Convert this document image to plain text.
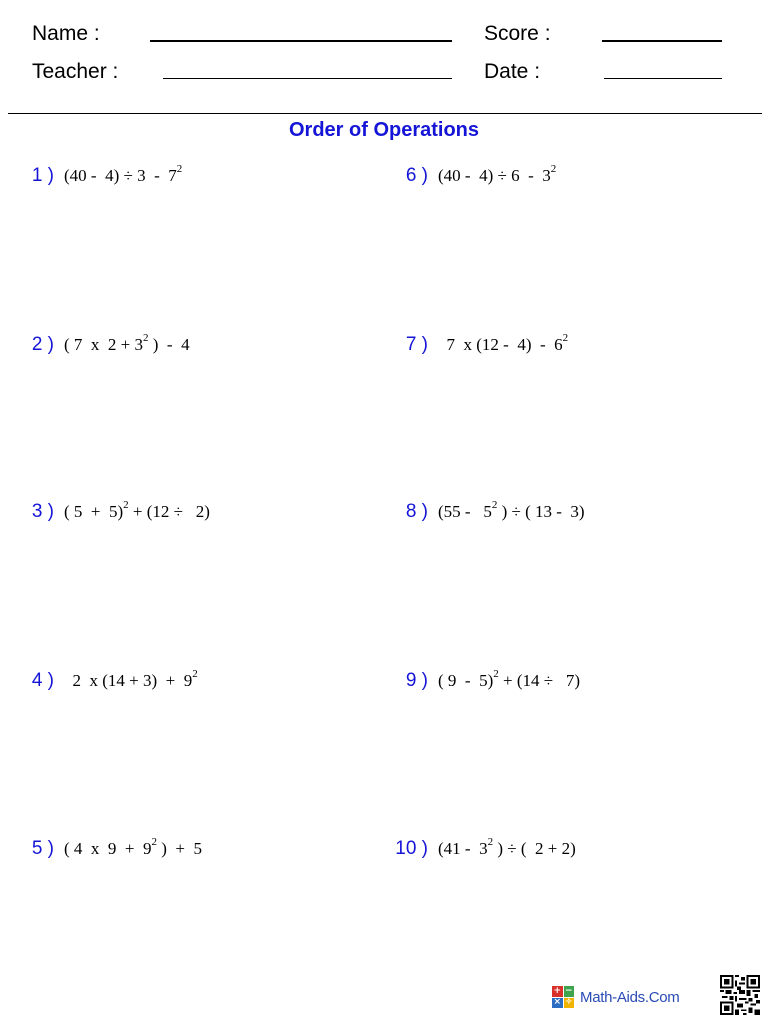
Name :	Score :
Teacher :	Date :
Order of Operations
1 ) $(40 - 4) \div 3 - 7^2$
2 ) ( 7  x  $2 + 3^2$ )  -  4
3 ) ( 5  +  5)$^2$ + (12 ÷   2)
4 ) 2  x $(14 + 3) + 9^2$
5 ) ( 4  x  $9 + 9^2$ )  +  5
6 ) $(40 - 4) \div 6 - 3^2$
7 ) 7  x $(12 - 4) - 6^2$
8 ) ($55 - 5^2$ ) ÷ ( 13 -  3)
9 ) ( 9  -  5)$^2$ + (14 ÷   7)
10 ) ($41 - 3^2$ ) ÷ (  2 + 2)
+ −
× ÷ Math-Aids.Com
